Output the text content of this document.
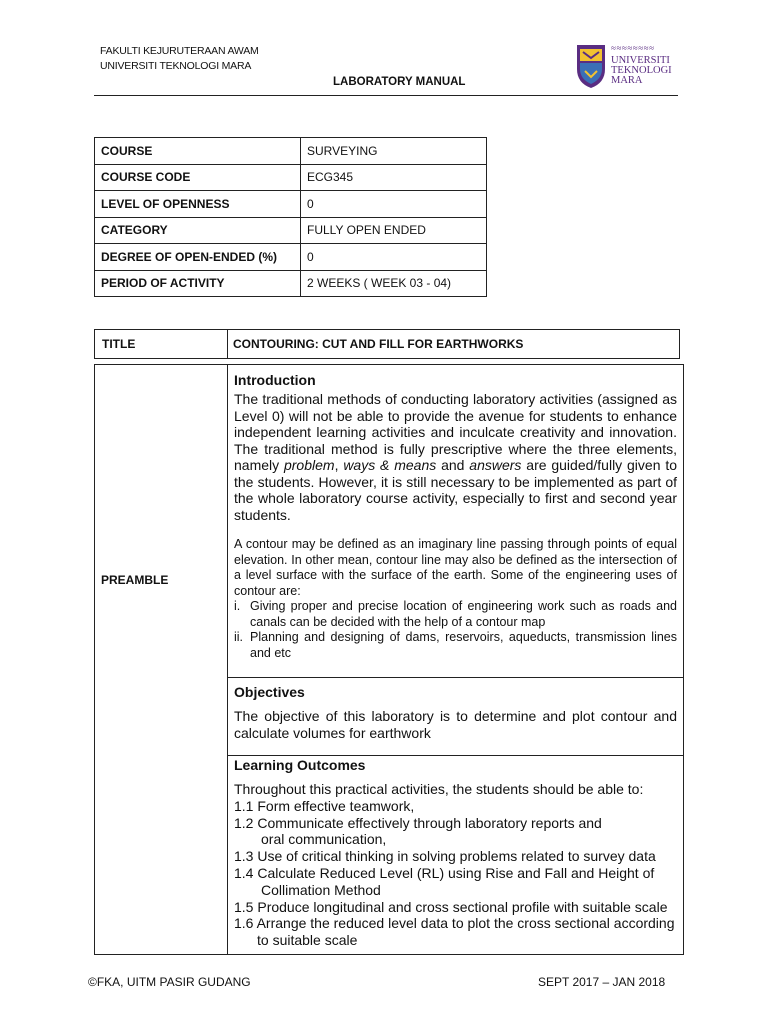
FAKULTI KEJURUTERAAN AWAM
UNIVERSITI TEKNOLOGI MARA
LABORATORY MANUAL
≈≈≈≈≈≈≈≈
UNIVERSITI
TEKNOLOGI
MARA
COURSE	SURVEYING
COURSE CODE	ECG345
LEVEL OF OPENNESS	0
CATEGORY	FULLY OPEN ENDED
DEGREE OF OPEN-ENDED (%)	0
PERIOD OF ACTIVITY	2 WEEKS ( WEEK 03 - 04)
TITLE	CONTOURING: CUT AND FILL FOR EARTHWORKS
PREAMBLE
Introduction

The traditional methods of conducting laboratory activities (assigned as Level 0) will not be able to provide the avenue for students to enhance independent learning activities and inculcate creativity and innovation. The traditional method is fully prescriptive where the three elements, namely problem, ways & means and answers are guided/fully given to the students. However, it is still necessary to be implemented as part of the whole laboratory course activity, especially to first and second year students.

A contour may be defined as an imaginary line passing through points of equal elevation. In other mean, contour line may also be defined as the intersection of a level surface with the surface of the earth. Some of the engineering uses of contour are:

i. Giving proper and precise location of engineering work such as roads and canals can be decided with the help of a contour map
ii. Planning and designing of dams, reservoirs, aqueducts, transmission lines and etc
Objectives

The objective of this laboratory is to determine and plot contour and calculate volumes for earthwork

Learning Outcomes
Throughout this practical activities, the students should be able to:
1.1 Form effective teamwork,
1.2 Communicate effectively through laboratory reports and
oral communication,
1.3 Use of critical thinking in solving problems related to survey data
1.4 Calculate Reduced Level (RL) using Rise and Fall and Height of
Collimation Method
1.5 Produce longitudinal and cross sectional profile with suitable scale
1.6 Arrange the reduced level data to plot the cross sectional according
to suitable scale
©FKA, UITM PASIR GUDANG	SEPT 2017 – JAN 2018
